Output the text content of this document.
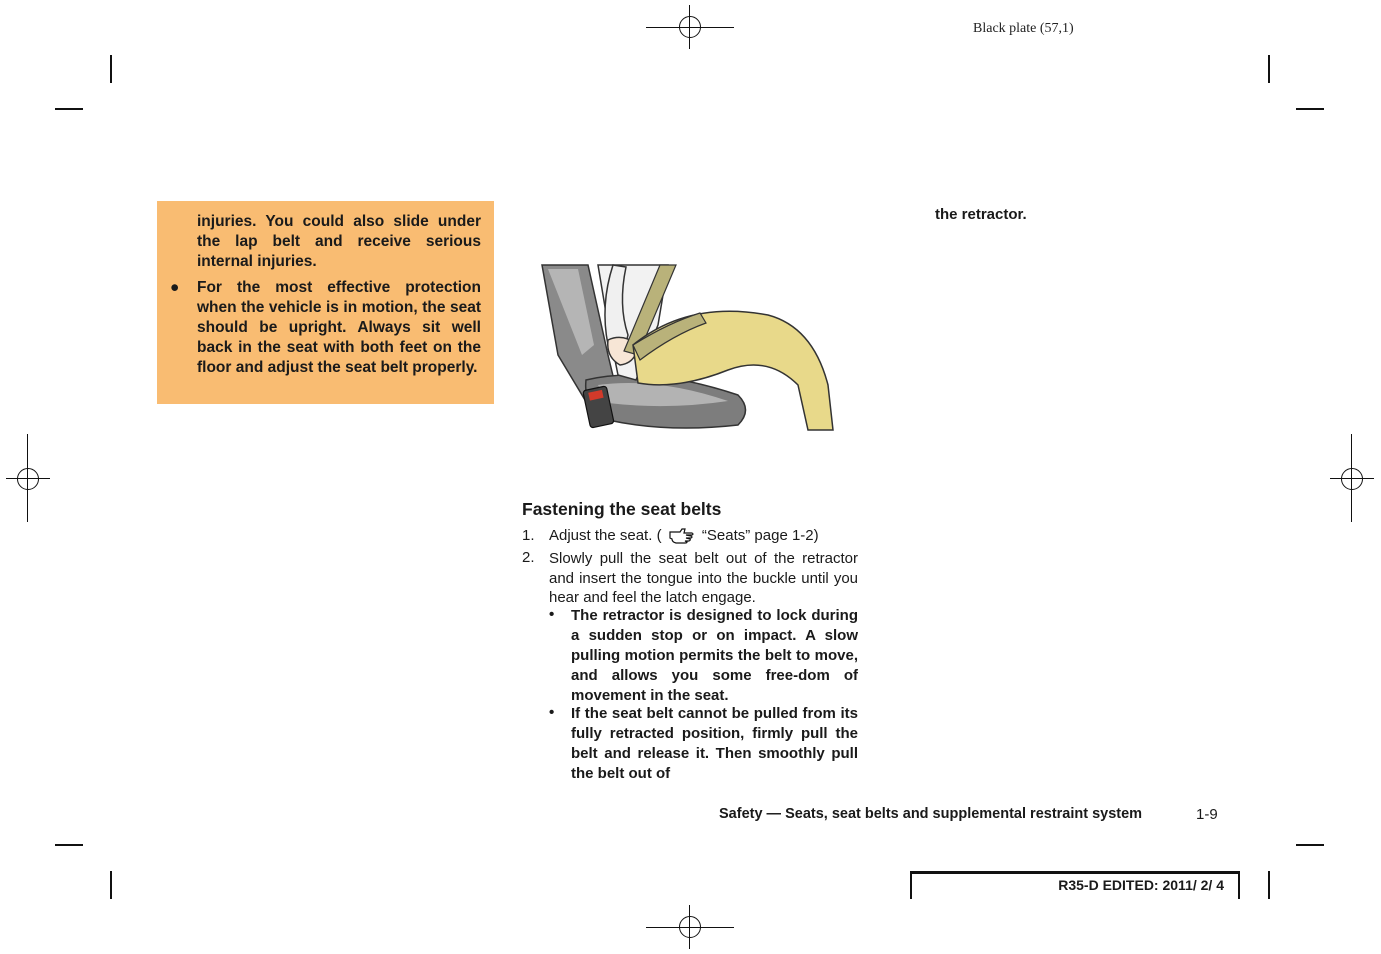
Black plate (57,1)

injuries. You could also slide under the lap belt and receive serious internal injuries.

● For the most effective protection when the vehicle is in motion, the seat should be upright. Always sit well back in the seat with both feet on the floor and adjust the seat belt properly.

Fastening the seat belts
1. Adjust the seat. (	“Seats” page 1-2)
2. Slowly pull the seat belt out of the retractor and insert the tongue into the buckle until you hear and feel the latch engage.

• The retractor is designed to lock during a sudden stop or on impact. A slow pulling motion permits the belt to move, and allows you some free-dom of movement in the seat.

• If the seat belt cannot be pulled from its fully retracted position, firmly pull the belt and release it. Then smoothly pull the belt out of

the retractor.
Safety — Seats, seat belts and supplemental restraint system	1-9
R35-D EDITED: 2011/ 2/ 4
